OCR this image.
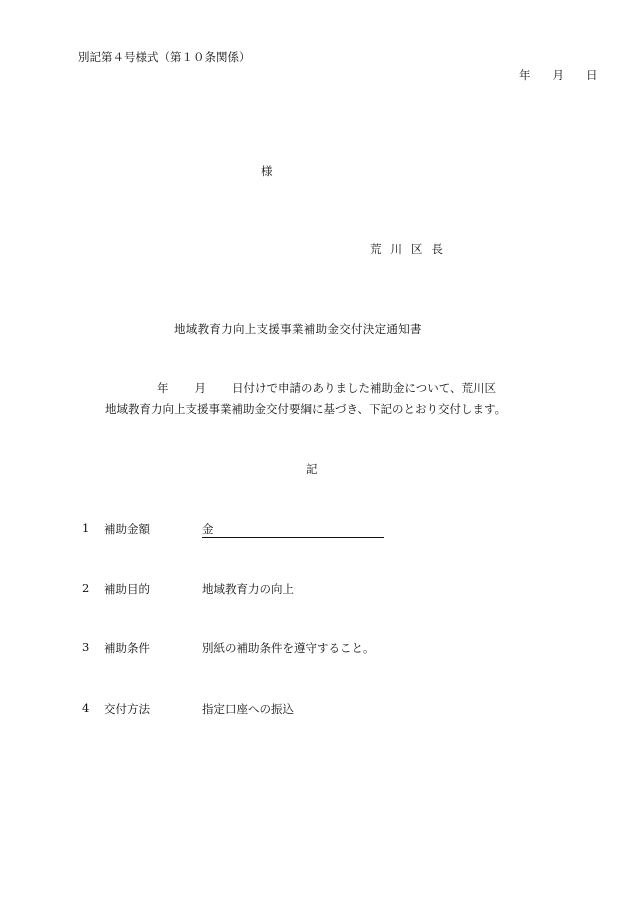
別記第４号様式（第１０条関係）
年 月 日
様
荒川区長
地域教育力向上支援事業補助金交付決定通知書
年 月 日付けで申請のありました補助金について、荒川区
地域教育力向上支援事業補助金交付要綱に基づき、下記のとおり交付します。
記
1 補助金額	金
2 補助目的	地域教育力の向上
3 補助条件	別紙の補助条件を遵守すること。
4 交付方法	指定口座への振込
